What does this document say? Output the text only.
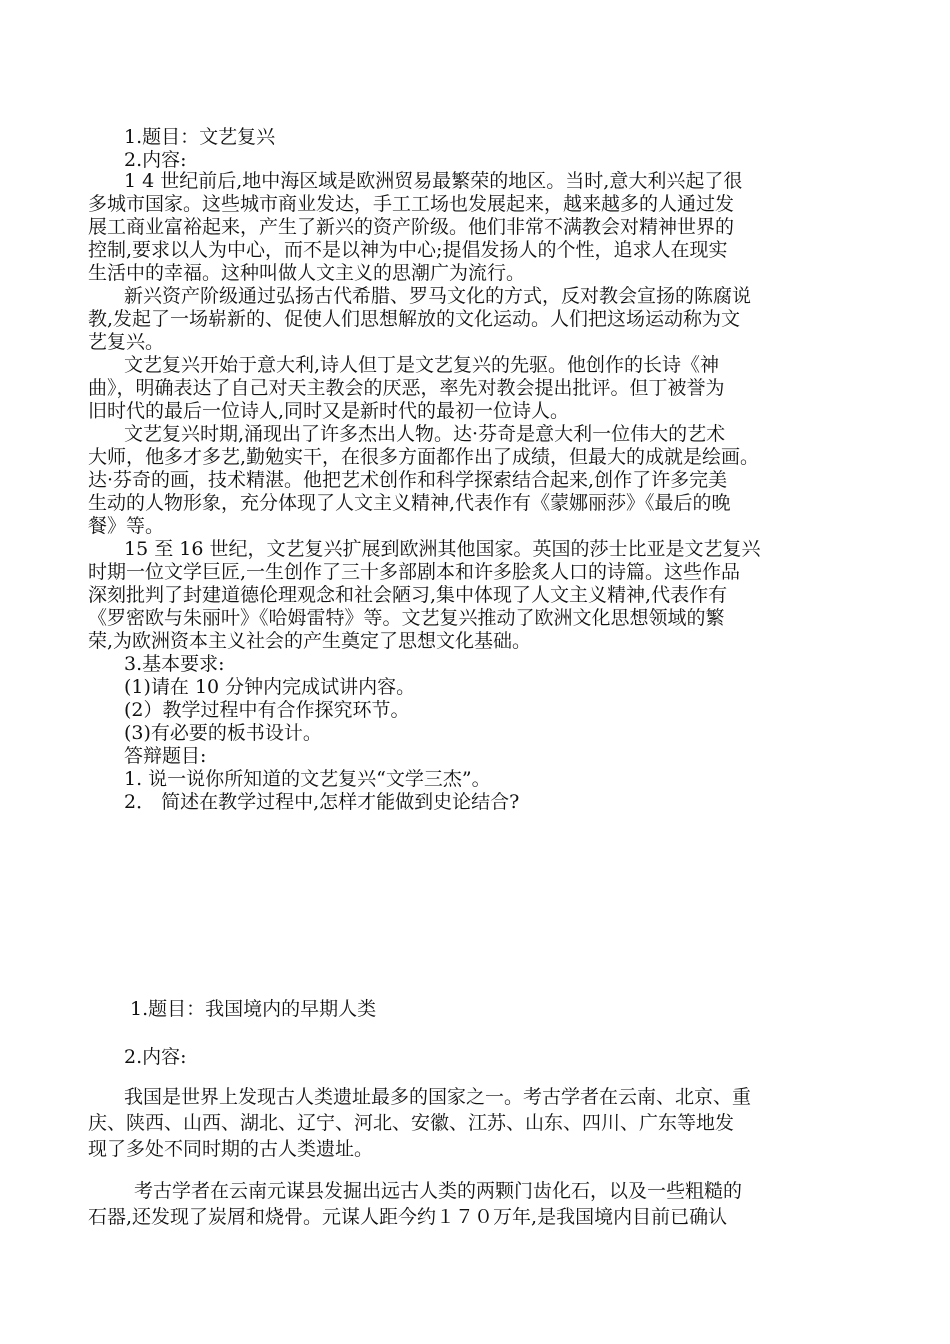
1.题目：文艺复兴
2.内容:
1 4 世纪前后,地中海区域是欧洲贸易最繁荣的地区。当时,意大利兴起了很
多城市国家。这些城市商业发达，手工工场也发展起来，越来越多的人通过发
展工商业富裕起来，产生了新兴的资产阶级。他们非常不满教会对精神世界的
控制,要求以人为中心，而不是以神为中心;提倡发扬人的个性，追求人在现实
生活中的幸福。这种叫做人文主义的思潮广为流行。
新兴资产阶级通过弘扬古代希腊、罗马文化的方式，反对教会宣扬的陈腐说
教,发起了一场崭新的、促使人们思想解放的文化运动。人们把这场运动称为文
艺复兴。
文艺复兴开始于意大利,诗人但丁是文艺复兴的先驱。他创作的长诗《神
曲》，明确表达了自己对天主教会的厌恶，率先对教会提出批评。但丁被誉为
旧时代的最后一位诗人,同时又是新时代的最初一位诗人。
文艺复兴时期,涌现出了许多杰出人物。达·芬奇是意大利一位伟大的艺术
大师，他多才多艺,勤勉实干，在很多方面都作出了成绩，但最大的成就是绘画。
达·芬奇的画，技术精湛。他把艺术创作和科学探索结合起来,创作了许多完美
生动的人物形象，充分体现了人文主义精神,代表作有《蒙娜丽莎》《最后的晚
餐》等。
15 至 16 世纪，文艺复兴扩展到欧洲其他国家。英国的莎士比亚是文艺复兴
时期一位文学巨匠,一生创作了三十多部剧本和许多脍炙人口的诗篇。这些作品
深刻批判了封建道德伦理观念和社会陋习,集中体现了人文主义精神,代表作有
《罗密欧与朱丽叶》《哈姆雷特》等。文艺复兴推动了欧洲文化思想领域的繁
荣,为欧洲资本主义社会的产生奠定了思想文化基础。
3.基本要求:
(1)请在 10 分钟内完成试讲内容。
(2）教学过程中有合作探究环节。
(3)有必要的板书设计。
答辩题目:
1. 说一说你所知道的文艺复兴“文学三杰”。
2． 简述在教学过程中,怎样才能做到史论结合?
1.题目：我国境内的早期人类
2.内容:
我国是世界上发现古人类遗址最多的国家之一。考古学者在云南、北京、重
庆、陕西、山西、湖北、辽宁、河北、安徽、江苏、山东、四川、广东等地发
现了多处不同时期的古人类遗址。
考古学者在云南元谋县发掘出远古人类的两颗门齿化石，以及一些粗糙的
石器,还发现了炭屑和烧骨。元谋人距今约１７０万年,是我国境内目前已确认
